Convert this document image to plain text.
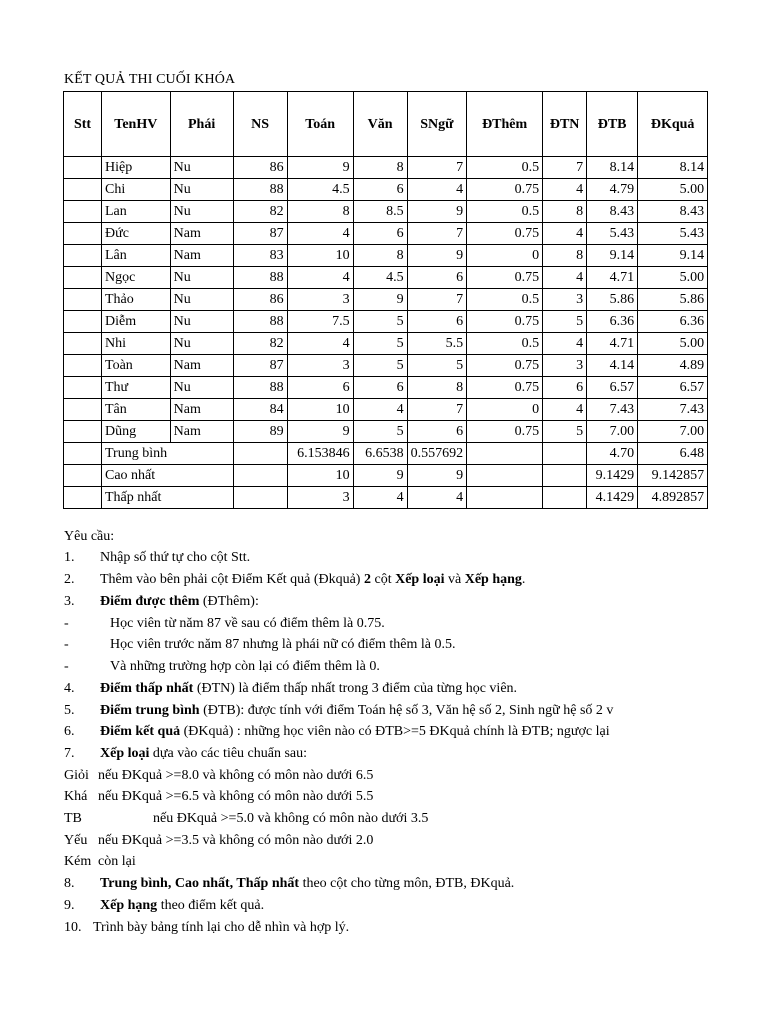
KẾT QUẢ THI CUỐI KHÓA
Stt	TenHV	Phái	NS	Toán	Văn	SNgữ	ĐThêm	ĐTN	ĐTB	ĐKquả
	Hiệp	Nu	86	9	8	7	0.5	7	8.14	8.14
	Chi	Nu	88	4.5	6	4	0.75	4	4.79	5.00
	Lan	Nu	82	8	8.5	9	0.5	8	8.43	8.43
	Đức	Nam	87	4	6	7	0.75	4	5.43	5.43
	Lân	Nam	83	10	8	9	0	8	9.14	9.14
	Ngọc	Nu	88	4	4.5	6	0.75	4	4.71	5.00
	Thảo	Nu	86	3	9	7	0.5	3	5.86	5.86
	Diễm	Nu	88	7.5	5	6	0.75	5	6.36	6.36
	Nhi	Nu	82	4	5	5.5	0.5	4	4.71	5.00
	Toàn	Nam	87	3	5	5	0.75	3	4.14	4.89
	Thư	Nu	88	6	6	8	0.75	6	6.57	6.57
	Tân	Nam	84	10	4	7	0	4	7.43	7.43
	Dũng	Nam	89	9	5	6	0.75	5	7.00	7.00
	Trung bình			6.153846	6.6538	0.557692			4.70	6.48
	Cao nhất			10	9	9			9.1429	9.142857
	Thấp nhất			3	4	4			4.1429	4.892857
Yêu cầu:
1. Nhập số thứ tự cho cột Stt.
2. Thêm vào bên phải cột Điểm Kết quả (Đkquả) 2 cột Xếp loại và Xếp hạng.
3. Điểm được thêm (ĐThêm):
-	Học viên từ năm 87 về sau có điểm thêm là 0.75.
-	Học viên trước năm 87 nhưng là phái nữ có điểm thêm là 0.5.
-	Và những trường hợp còn lại có điểm thêm là 0.
4. Điểm thấp nhất (ĐTN) là điểm thấp nhất trong 3 điểm của từng học viên.
5. Điểm trung bình (ĐTB): được tính với điểm Toán hệ số 3, Văn hệ số 2, Sinh ngữ hệ số 2 v
6. Điểm kết quả (ĐKquả) : những học viên nào có ĐTB>=5 ĐKquả chính là ĐTB; ngược lại
7. Xếp loại dựa vào các tiêu chuẩn sau:
Giỏi nếu ĐKquả >=8.0 và không có môn nào dưới 6.5
Khá nếu ĐKquả >=6.5 và không có môn nào dưới 5.5
TB	nếu ĐKquả >=5.0 và không có môn nào dưới 3.5
Yếu nếu ĐKquả >=3.5 và không có môn nào dưới 2.0
Kém còn lại
8. Trung bình, Cao nhất, Thấp nhất theo cột cho từng môn, ĐTB, ĐKquả.
9. Xếp hạng theo điểm kết quả.
10. Trình bày bảng tính lại cho dễ nhìn và hợp lý.
